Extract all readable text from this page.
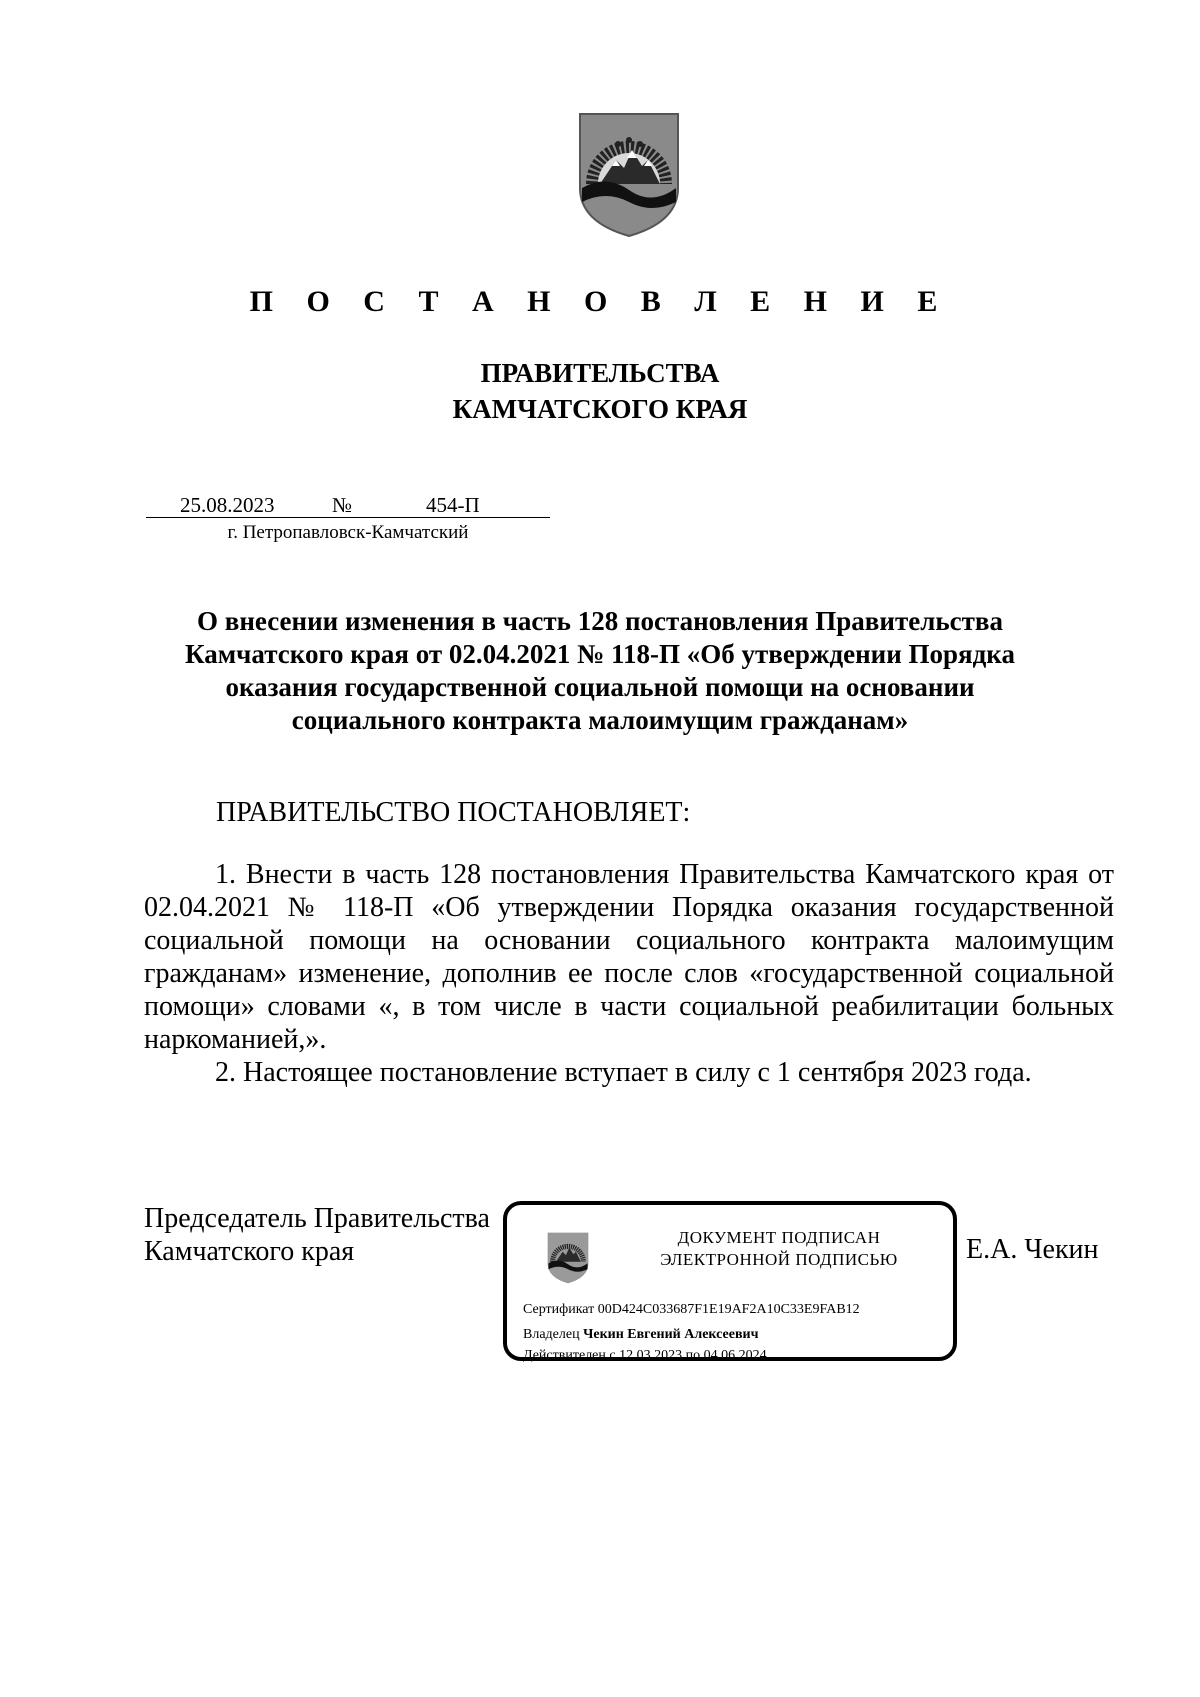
П О С Т А Н О В Л Е Н И Е
ПРАВИТЕЛЬСТВА
КАМЧАТСКОГО КРАЯ
25.08.2023	№	454-П
г. Петропавловск-Камчатский
О внесении изменения в часть 128 постановления Правительства Камчатского края от 02.04.2021 № 118-П «Об утверждении Порядка оказания государственной социальной помощи на основании социального контракта малоимущим гражданам»
ПРАВИТЕЛЬСТВО ПОСТАНОВЛЯЕТ:

1. Внести в часть 128 постановления Правительства Камчатского края от 02.04.2021 № 118-П «Об утверждении Порядка оказания государственной социальной помощи на основании социального контракта малоимущим гражданам» изменение, дополнив ее после слов «государственной социальной помощи» словами «, в том числе в части социальной реабилитации больных наркоманией,».

2. Настоящее постановление вступает в силу с 1 сентября 2023 года.

Председатель Правительства
Камчатского края	ДОКУМЕНТ ПОДПИСАН
ЭЛЕКТРОННОЙ ПОДПИСЬЮ
Сертификат 00D424C033687F1E19AF2A10C33E9FAB12
Владелец Чекин Евгений Алексеевич
Действителен с 12.03.2023 по 04.06.2024
Е.А. Чекин
